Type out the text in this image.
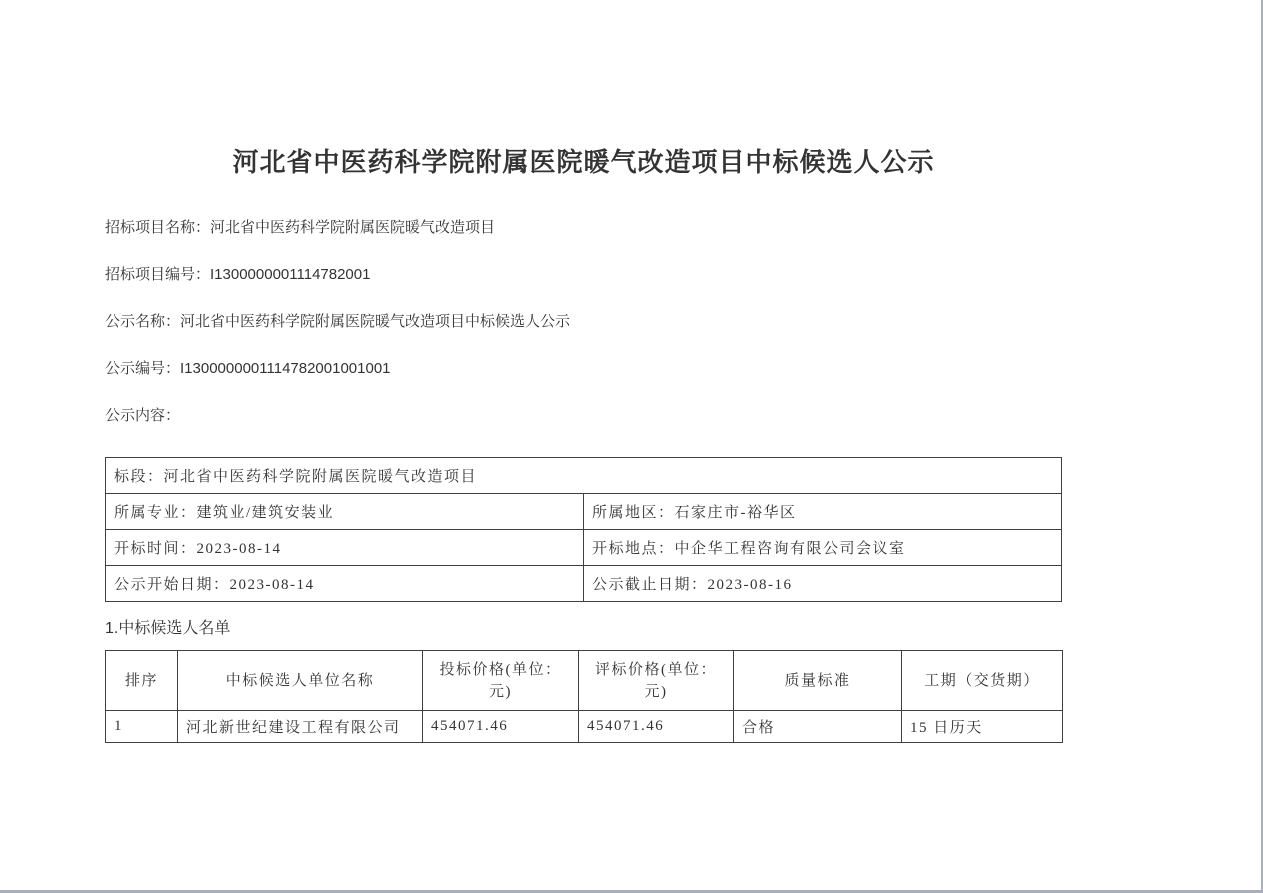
河北省中医药科学院附属医院暖气改造项目中标候选人公示

招标项目名称：河北省中医药科学院附属医院暖气改造项目

招标项目编号：I1300000001114782001

公示名称：河北省中医药科学院附属医院暖气改造项目中标候选人公示

公示编号：I1300000001114782001001001

公示内容：

标段：河北省中医药科学院附属医院暖气改造项目	
所属专业：建筑业/建筑安装业	所属地区：石家庄市-裕华区
开标时间：2023-08-14	开标地点：中企华工程咨询有限公司会议室
公示开始日期：2023-08-14	公示截止日期：2023-08-16

1.中标候选人名单

排序	中标候选人单位名称	投标价格(单位：元)	评标价格(单位：元)	质量标准	工期（交货期）
1	河北新世纪建设工程有限公司	454071.46	454071.46	合格	15 日历天
